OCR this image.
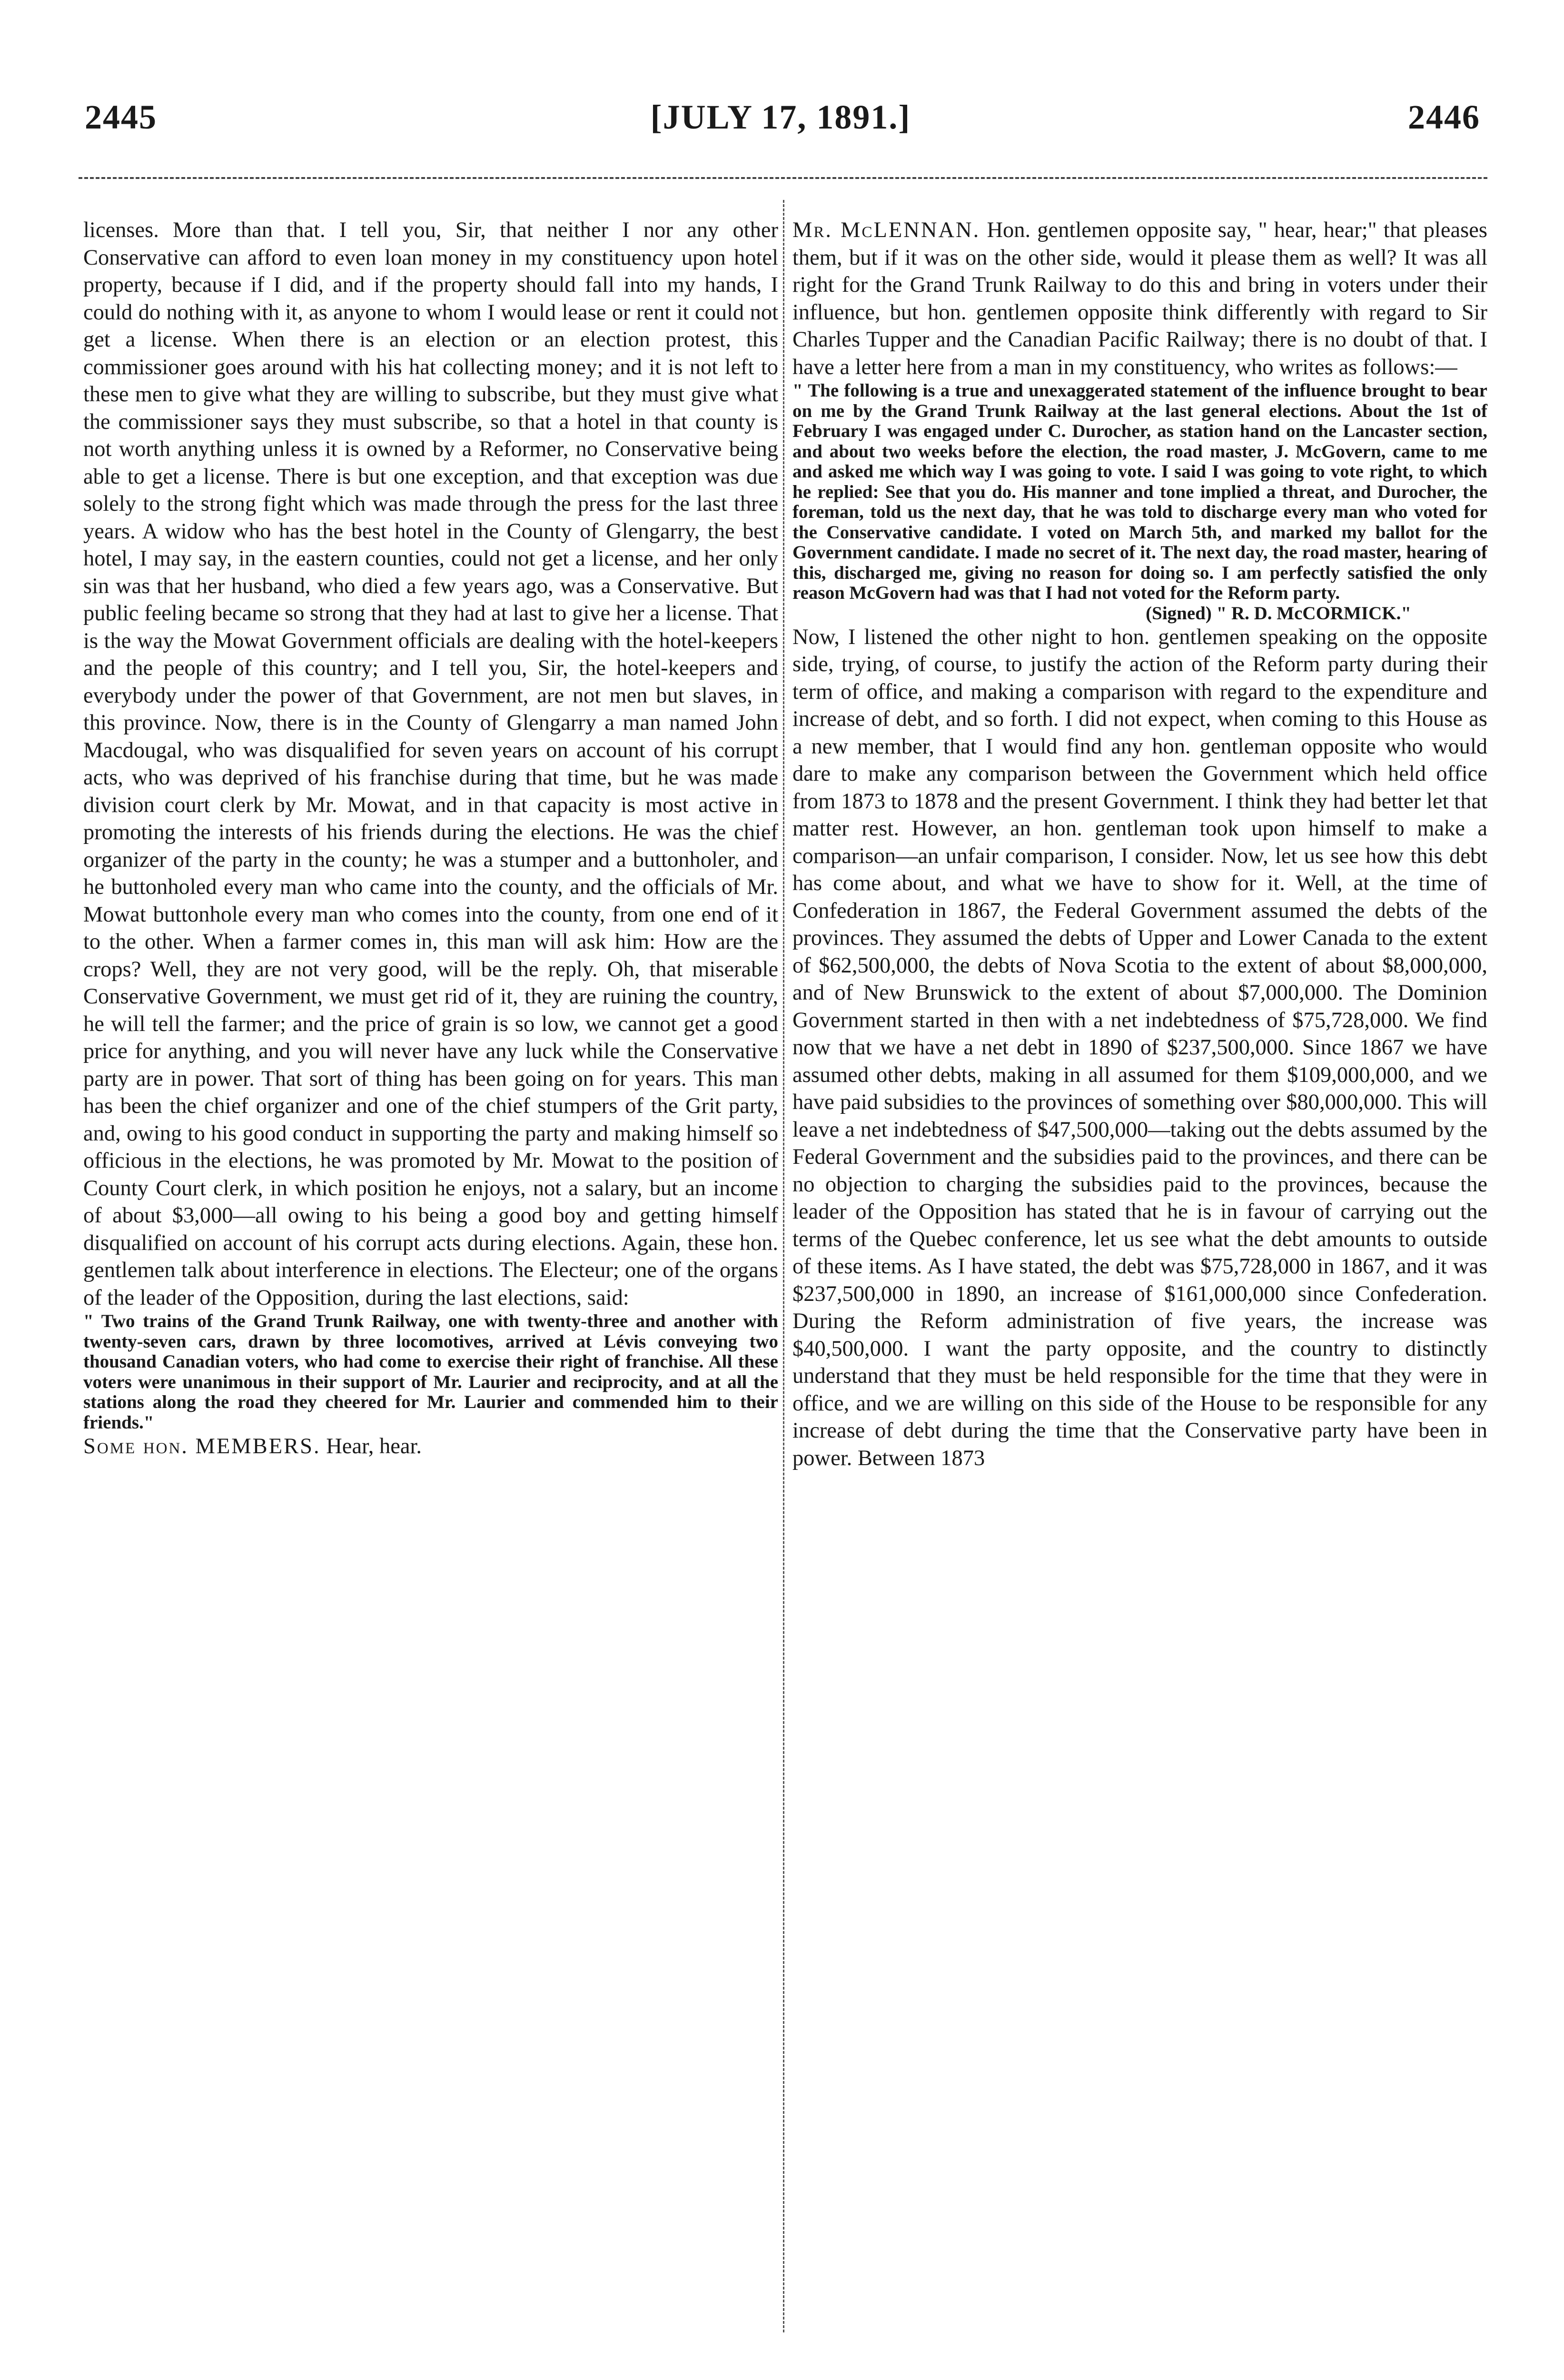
2445	[JULY 17, 1891.]	2446

licenses. More than that. I tell you, Sir, that neither I nor any other Conservative can afford to even loan money in my constituency upon hotel property, because if I did, and if the property should fall into my hands, I could do nothing with it, as anyone to whom I would lease or rent it could not get a license. When there is an election or an election protest, this commissioner goes around with his hat collecting money; and it is not left to these men to give what they are willing to subscribe, but they must give what the commissioner says they must subscribe, so that a hotel in that county is not worth anything unless it is owned by a Reformer, no Conservative being able to get a license. There is but one exception, and that exception was due solely to the strong fight which was made through the press for the last three years. A widow who has the best hotel in the County of Glengarry, the best hotel, I may say, in the eastern counties, could not get a license, and her only sin was that her husband, who died a few years ago, was a Conservative. But public feeling became so strong that they had at last to give her a license. That is the way the Mowat Government officials are dealing with the hotel-keepers and the people of this country; and I tell you, Sir, the hotel-keepers and everybody under the power of that Government, are not men but slaves, in this province. Now, there is in the County of Glengarry a man named John Macdougal, who was disqualified for seven years on account of his corrupt acts, who was deprived of his franchise during that time, but he was made division court clerk by Mr. Mowat, and in that capacity is most active in promoting the interests of his friends during the elections. He was the chief organizer of the party in the county; he was a stumper and a buttonholer, and he buttonholed every man who came into the county, and the officials of Mr. Mowat buttonhole every man who comes into the county, from one end of it to the other. When a farmer comes in, this man will ask him: How are the crops? Well, they are not very good, will be the reply. Oh, that miserable Conservative Government, we must get rid of it, they are ruining the country, he will tell the farmer; and the price of grain is so low, we cannot get a good price for anything, and you will never have any luck while the Conservative party are in power. That sort of thing has been going on for years. This man has been the chief organizer and one of the chief stumpers of the Grit party, and, owing to his good conduct in supporting the party and making himself so officious in the elections, he was promoted by Mr. Mowat to the position of County Court clerk, in which position he enjoys, not a salary, but an income of about $3,000—all owing to his being a good boy and getting himself disqualified on account of his corrupt acts during elections. Again, these hon. gentlemen talk about interference in elections. The Electeur; one of the organs of the leader of the Opposition, during the last elections, said:

" Two trains of the Grand Trunk Railway, one with twenty-three and another with twenty-seven cars, drawn by three locomotives, arrived at Lévis conveying two thousand Canadian voters, who had come to exercise their right of franchise. All these voters were unanimous in their support of Mr. Laurier and reciprocity, and at all the stations along the road they cheered for Mr. Laurier and commended him to their friends."

Some hon. MEMBERS. Hear, hear.

Mr. McLENNAN. Hon. gentlemen opposite say, " hear, hear;" that pleases them, but if it was on the other side, would it please them as well? It was all right for the Grand Trunk Railway to do this and bring in voters under their influence, but hon. gentlemen opposite think differently with regard to Sir Charles Tupper and the Canadian Pacific Railway; there is no doubt of that. I have a letter here from a man in my constituency, who writes as follows:—

" The following is a true and unexaggerated statement of the influence brought to bear on me by the Grand Trunk Railway at the last general elections. About the 1st of February I was engaged under C. Durocher, as station hand on the Lancaster section, and about two weeks before the election, the road master, J. McGovern, came to me and asked me which way I was going to vote. I said I was going to vote right, to which he replied: See that you do. His manner and tone implied a threat, and Durocher, the foreman, told us the next day, that he was told to discharge every man who voted for the Conservative candidate. I voted on March 5th, and marked my ballot for the Government candidate. I made no secret of it. The next day, the road master, hearing of this, discharged me, giving no reason for doing so. I am perfectly satisfied the only reason McGovern had was that I had not voted for the Reform party.

(Signed) " R. D. McCORMICK."

Now, I listened the other night to hon. gentlemen speaking on the opposite side, trying, of course, to justify the action of the Reform party during their term of office, and making a comparison with regard to the expenditure and increase of debt, and so forth. I did not expect, when coming to this House as a new member, that I would find any hon. gentleman opposite who would dare to make any comparison between the Government which held office from 1873 to 1878 and the present Government. I think they had better let that matter rest. However, an hon. gentleman took upon himself to make a comparison—an unfair comparison, I consider. Now, let us see how this debt has come about, and what we have to show for it. Well, at the time of Confederation in 1867, the Federal Government assumed the debts of the provinces. They assumed the debts of Upper and Lower Canada to the extent of $62,500,000, the debts of Nova Scotia to the extent of about $8,000,000, and of New Brunswick to the extent of about $7,000,000. The Dominion Government started in then with a net indebtedness of $75,728,000. We find now that we have a net debt in 1890 of $237,500,000. Since 1867 we have assumed other debts, making in all assumed for them $109,000,000, and we have paid subsidies to the provinces of something over $80,000,000. This will leave a net indebtedness of $47,500,000—taking out the debts assumed by the Federal Government and the subsidies paid to the provinces, and there can be no objection to charging the subsidies paid to the provinces, because the leader of the Opposition has stated that he is in favour of carrying out the terms of the Quebec conference, let us see what the debt amounts to outside of these items. As I have stated, the debt was $75,728,000 in 1867, and it was $237,500,000 in 1890, an increase of $161,000,000 since Confederation. During the Reform administration of five years, the increase was $40,500,000. I want the party opposite, and the country to distinctly understand that they must be held responsible for the time that they were in office, and we are willing on this side of the House to be responsible for any increase of debt during the time that the Conservative party have been in power. Between 1873
